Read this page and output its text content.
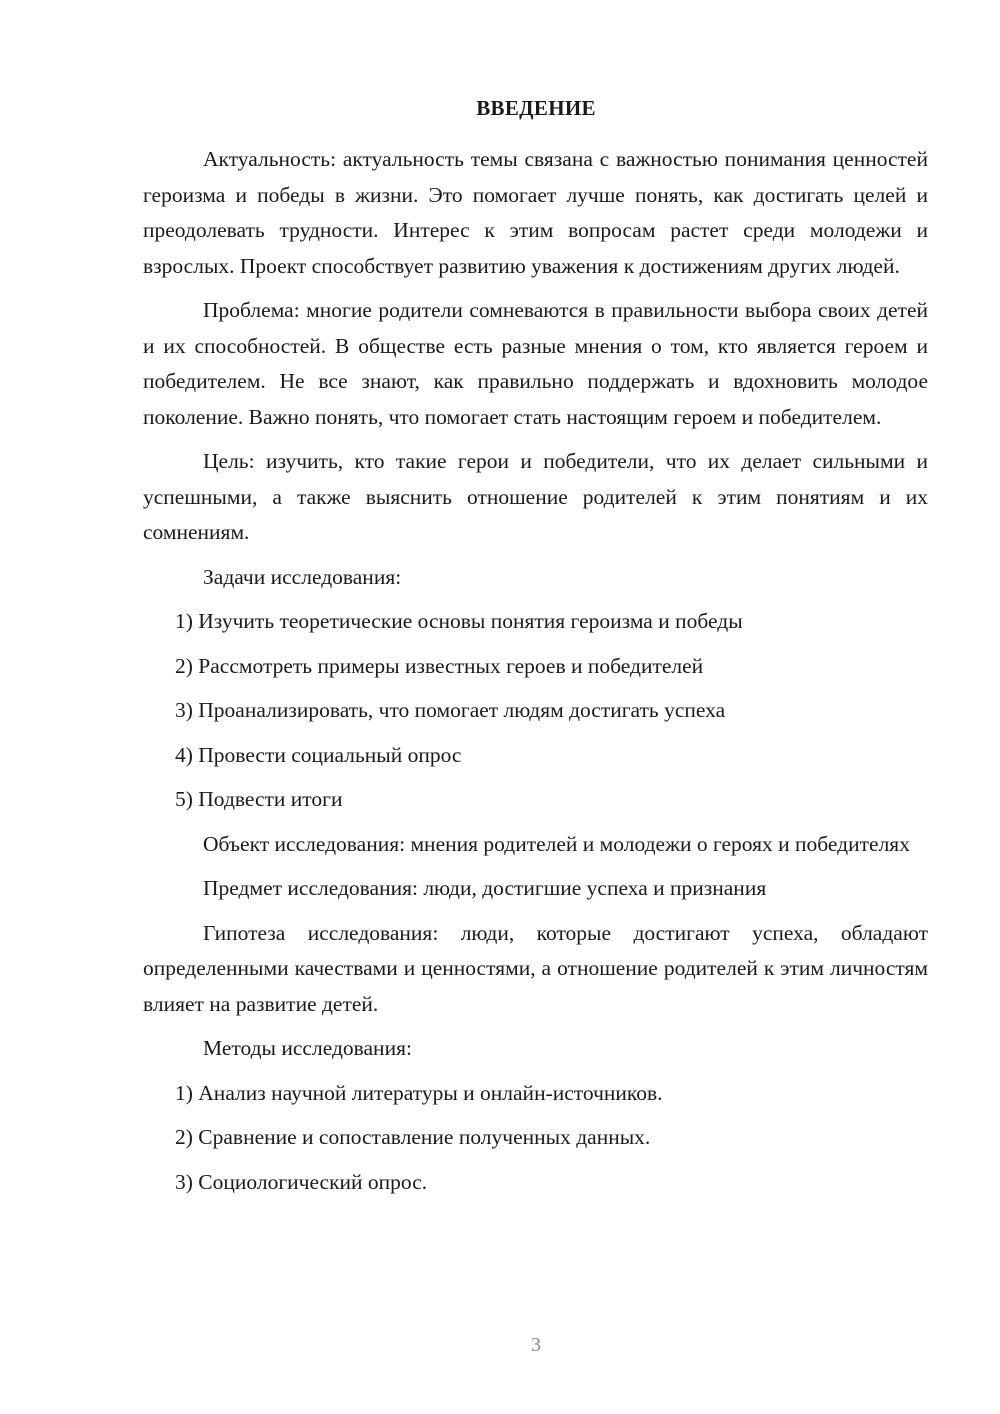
ВВЕДЕНИЕ

Актуальность: актуальность темы связана с важностью понимания ценностей героизма и победы в жизни. Это помогает лучше понять, как достигать целей и преодолевать трудности. Интерес к этим вопросам растет среди молодежи и взрослых. Проект способствует развитию уважения к достижениям других людей.

Проблема: многие родители сомневаются в правильности выбора своих детей и их способностей. В обществе есть разные мнения о том, кто является героем и победителем. Не все знают, как правильно поддержать и вдохновить молодое поколение. Важно понять, что помогает стать настоящим героем и победителем.

Цель: изучить, кто такие герои и победители, что их делает сильными и успешными, а также выяснить отношение родителей к этим понятиям и их сомнениям.

Задачи исследования:

1) Изучить теоретические основы понятия героизма и победы

2) Рассмотреть примеры известных героев и победителей

3) Проанализировать, что помогает людям достигать успеха

4) Провести социальный опрос

5) Подвести итоги

Объект исследования: мнения родителей и молодежи о героях и победителях

Предмет исследования: люди, достигшие успеха и признания

Гипотеза исследования: люди, которые достигают успеха, обладают определенными качествами и ценностями, а отношение родителей к этим личностям влияет на развитие детей.

Методы исследования:

1) Анализ научной литературы и онлайн-источников.

2) Сравнение и сопоставление полученных данных.

3) Социологический опрос.

3
